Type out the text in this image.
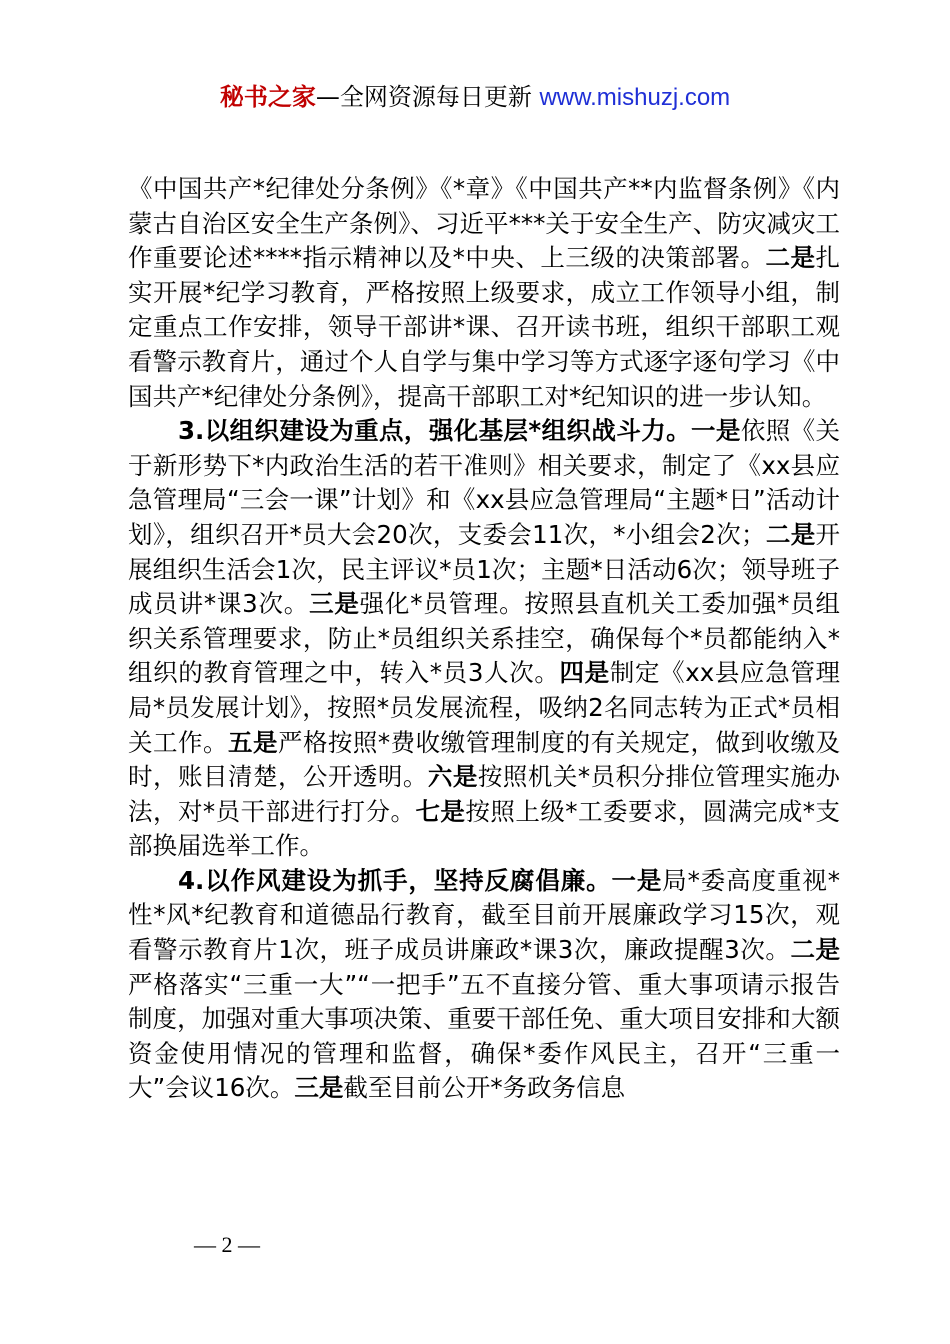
秘书之家—全网资源每日更新 www.mishuzj.com

《中国共产*纪律处分条例》《*章》《中国共产**内监督条例》《内蒙古自治区安全生产条例》、习近平***关于安全生产、防灾减灾工作重要论述****指示精神以及*中央、上三级的决策部署。二是扎实开展*纪学习教育，严格按照上级要求，成立工作领导小组，制定重点工作安排，领导干部讲*课、召开读书班，组织干部职工观看警示教育片，通过个人自学与集中学习等方式逐字逐句学习《中国共产*纪律处分条例》，提高干部职工对*纪知识的进一步认知。

3.以组织建设为重点，强化基层*组织战斗力。一是依照《关于新形势下*内政治生活的若干准则》相关要求，制定了《xx县应急管理局“三会一课”计划》和《xx县应急管理局“主题*日”活动计划》，组织召开*员大会20次，支委会11次，*小组会2次；二是开展组织生活会1次，民主评议*员1次；主题*日活动6次；领导班子成员讲*课3次。三是强化*员管理。按照县直机关工委加强*员组织关系管理要求，防止*员组织关系挂空，确保每个*员都能纳入*组织的教育管理之中，转入*员3人次。四是制定《xx县应急管理局*员发展计划》，按照*员发展流程，吸纳2名同志转为正式*员相关工作。五是严格按照*费收缴管理制度的有关规定，做到收缴及时，账目清楚，公开透明。六是按照机关*员积分排位管理实施办法，对*员干部进行打分。七是按照上级*工委要求，圆满完成*支部换届选举工作。

4.以作风建设为抓手，坚持反腐倡廉。一是局*委高度重视*性*风*纪教育和道德品行教育，截至目前开展廉政学习15次，观看警示教育片1次，班子成员讲廉政*课3次，廉政提醒3次。二是严格落实“三重一大”“一把手”五不直接分管、重大事项请示报告制度，加强对重大事项决策、重要干部任免、重大项目安排和大额资金使用情况的管理和监督，确保*委作风民主，召开“三重一大”会议16次。三是截至目前公开*务政务信息

— 2 —
